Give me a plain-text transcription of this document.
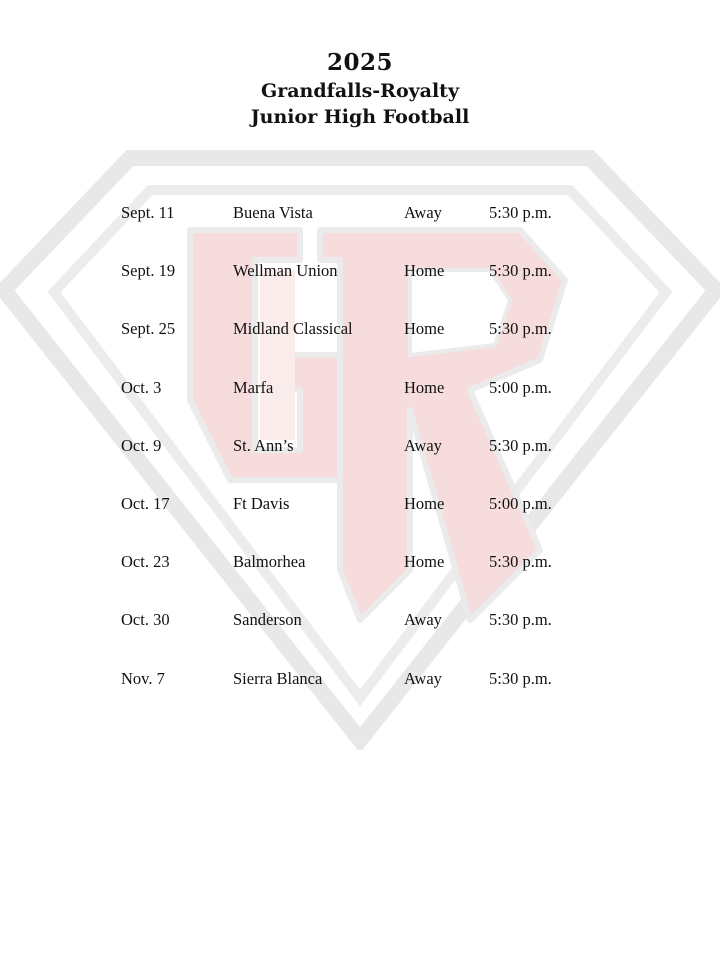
2025
Grandfalls-Royalty
Junior High Football
Sept. 11	Buena Vista	Away	5:30 p.m.
Sept. 19	Wellman Union	Home	5:30 p.m.
Sept. 25	Midland Classical	Home	5:30 p.m.
Oct. 3	Marfa	Home	5:00 p.m.
Oct. 9	St. Ann’s	Away	5:30 p.m.
Oct. 17	Ft Davis	Home	5:00 p.m.
Oct. 23	Balmorhea	Home	5:30 p.m.
Oct. 30	Sanderson	Away	5:30 p.m.
Nov. 7	Sierra Blanca	Away	5:30 p.m.
